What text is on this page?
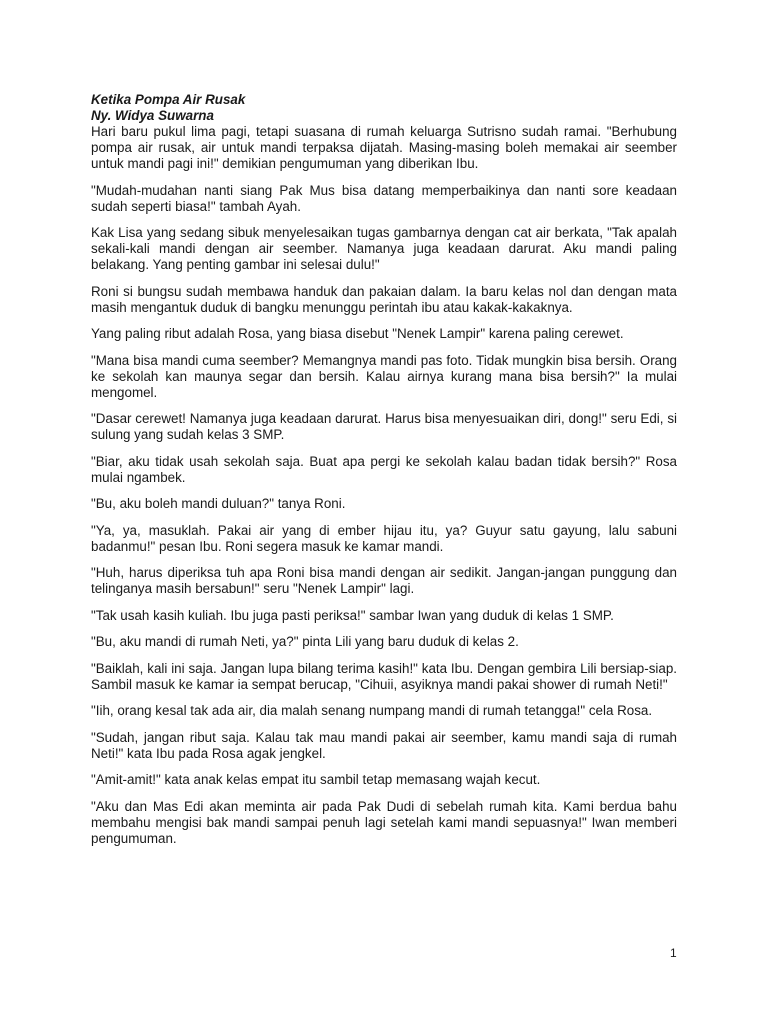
Ketika Pompa Air Rusak

Ny. Widya Suwarna

Hari baru pukul lima pagi, tetapi suasana di rumah keluarga Sutrisno sudah ramai. "Berhubung pompa air rusak, air untuk mandi terpaksa dijatah. Masing-masing boleh memakai air seember untuk mandi pagi ini!" demikian pengumuman yang diberikan Ibu.

"Mudah-mudahan nanti siang Pak Mus bisa datang memperbaikinya dan nanti sore keadaan sudah seperti biasa!" tambah Ayah.

Kak Lisa yang sedang sibuk menyelesaikan tugas gambarnya dengan cat air berkata, "Tak apalah sekali-kali mandi dengan air seember. Namanya juga keadaan darurat. Aku mandi paling belakang. Yang penting gambar ini selesai dulu!"

Roni si bungsu sudah membawa handuk dan pakaian dalam. Ia baru kelas nol dan dengan mata masih mengantuk duduk di bangku menunggu perintah ibu atau kakak-kakaknya.

Yang paling ribut adalah Rosa, yang biasa disebut "Nenek Lampir" karena paling cerewet.

"Mana bisa mandi cuma seember? Memangnya mandi pas foto. Tidak mungkin bisa bersih. Orang ke sekolah kan maunya segar dan bersih. Kalau airnya kurang mana bisa bersih?" Ia mulai mengomel.

"Dasar cerewet! Namanya juga keadaan darurat. Harus bisa menyesuaikan diri, dong!" seru Edi, si sulung yang sudah kelas 3 SMP.

"Biar, aku tidak usah sekolah saja. Buat apa pergi ke sekolah kalau badan tidak bersih?" Rosa mulai ngambek.

"Bu, aku boleh mandi duluan?" tanya Roni.

"Ya, ya, masuklah. Pakai air yang di ember hijau itu, ya? Guyur satu gayung, lalu sabuni badanmu!" pesan Ibu. Roni segera masuk ke kamar mandi.

"Huh, harus diperiksa tuh apa Roni bisa mandi dengan air sedikit. Jangan-jangan punggung dan telinganya masih bersabun!" seru "Nenek Lampir" lagi.

"Tak usah kasih kuliah. Ibu juga pasti periksa!" sambar Iwan yang duduk di kelas 1 SMP.

"Bu, aku mandi di rumah Neti, ya?" pinta Lili yang baru duduk di kelas 2.

"Baiklah, kali ini saja. Jangan lupa bilang terima kasih!" kata Ibu. Dengan gembira Lili bersiap-siap. Sambil masuk ke kamar ia sempat berucap, "Cihuii, asyiknya mandi pakai shower di rumah Neti!"

"Iih, orang kesal tak ada air, dia malah senang numpang mandi di rumah tetangga!" cela Rosa.

"Sudah, jangan ribut saja. Kalau tak mau mandi pakai air seember, kamu mandi saja di rumah Neti!" kata Ibu pada Rosa agak jengkel.

"Amit-amit!" kata anak kelas empat itu sambil tetap memasang wajah kecut.

"Aku dan Mas Edi akan meminta air pada Pak Dudi di sebelah rumah kita. Kami berdua bahu membahu mengisi bak mandi sampai penuh lagi setelah kami mandi sepuasnya!" Iwan memberi pengumuman.

1
